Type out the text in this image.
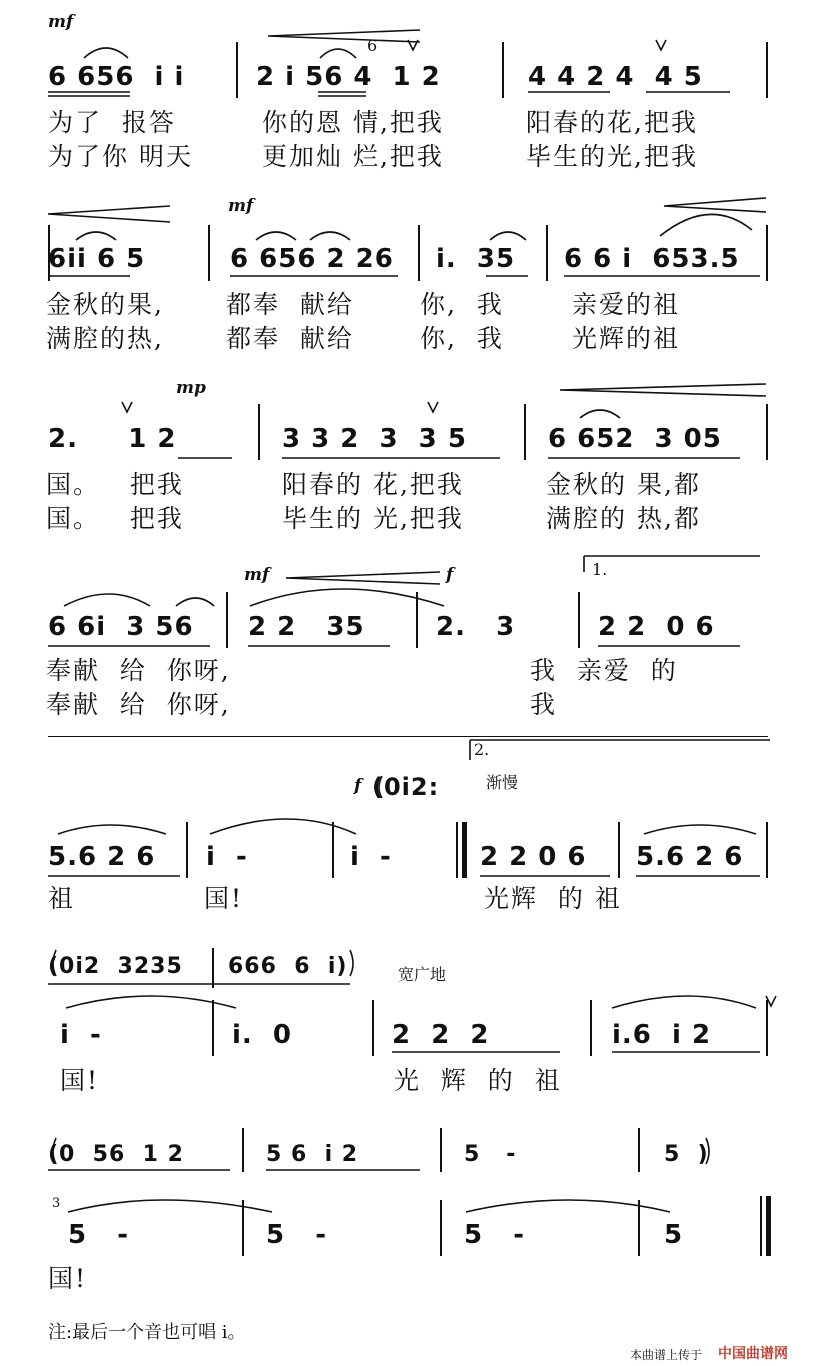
mf
6 656  i i	2 i 56 4  1 2
6
4 4 2 4  4 5
为了  报答	你的恩 情,把我	阳春的花,把我
为了你 明天	更加灿 烂,把我	毕生的光,把我
mf
6ii 6 5	6 656 2 26 i.  35 6 6 i  653.5
金秋的果, 都奉  献给	你,  我	亲爱的祖
满腔的热, 都奉  献给	你,  我	光辉的祖
mp
2.     1 2	3 3 2  3  3 5	6 652  3 05
国。   把我	阳春的 花,把我	金秋的 果,都
国。   把我	毕生的 光,把我	满腔的 热,都
mf	f	1.
6 6i  3 56 2 2   35	2.   3	2 2  0 6
奉献  给  你呀,	我  亲爱  的
奉献  给  你呀,	我
f (0i2:
2.
渐慢
5.6 2 6 i  -	i  -	2 2 0 6 5.6 2 6
祖	国!	光辉  的 祖
(0i2  3235 666  6  i)	宽广地
i  -	i.  0	2  2  2	i.6  i 2
国!	光  辉  的  祖
(0  56  1 2	5 6  i 2	5   -	5  )
3
5   -	5   -	5   -	5
国!
注:最后一个音也可唱 i。
本曲谱上传于 中国曲谱网
